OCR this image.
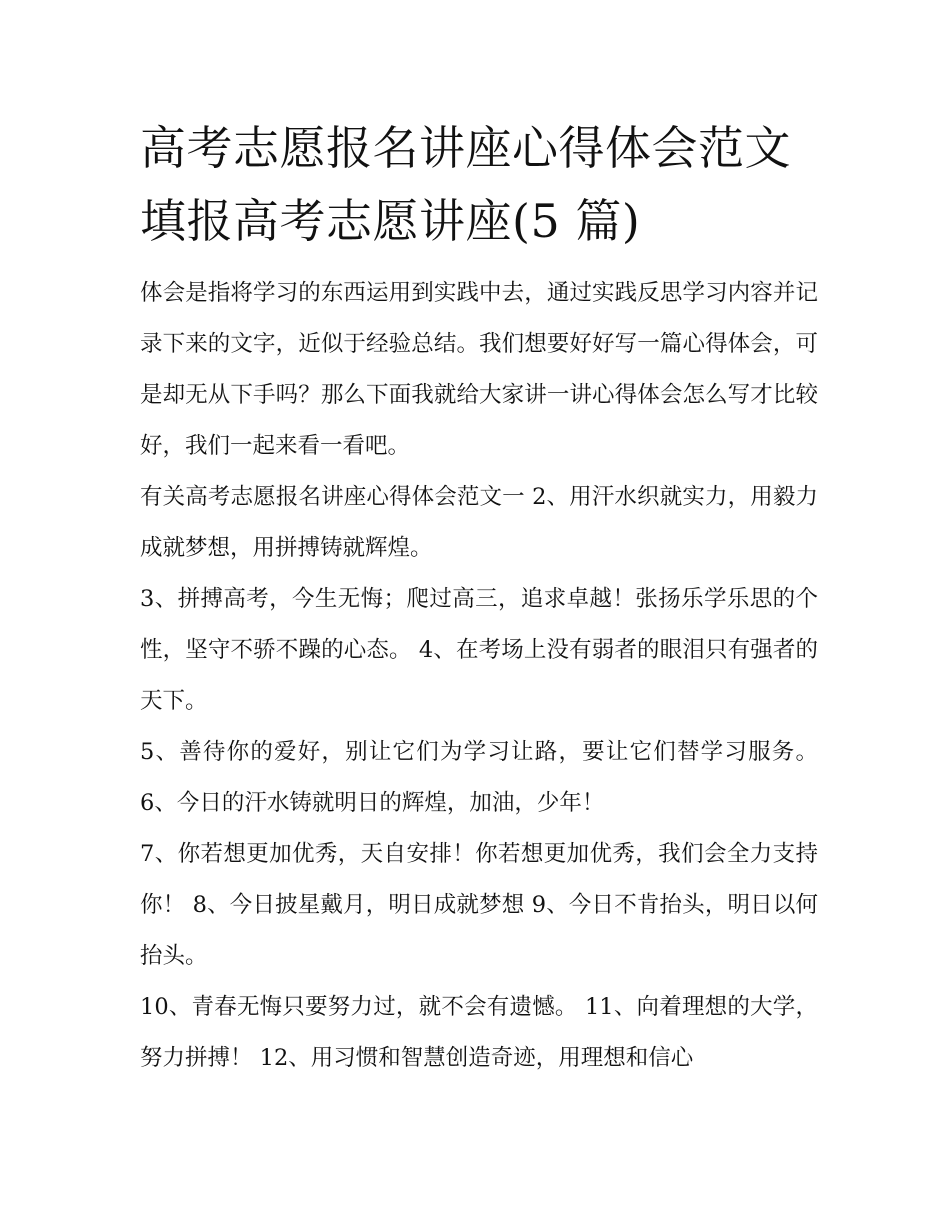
高考志愿报名讲座心得体会范文 填报高考志愿讲座(5 篇)

体会是指将学习的东西运用到实践中去，通过实践反思学习内容并记录下来的文字，近似于经验总结。我们想要好好写一篇心得体会，可是却无从下手吗？那么下面我就给大家讲一讲心得体会怎么写才比较好，我们一起来看一看吧。

有关高考志愿报名讲座心得体会范文一 2、用汗水织就实力，用毅力成就梦想，用拼搏铸就辉煌。

3、拼搏高考，今生无悔；爬过高三，追求卓越！张扬乐学乐思的个性，坚守不骄不躁的心态。 4、在考场上没有弱者的眼泪只有强者的天下。

5、善待你的爱好，别让它们为学习让路，要让它们替学习服务。 6、今日的汗水铸就明日的辉煌，加油，少年！

7、你若想更加优秀，天自安排！你若想更加优秀，我们会全力支持你！ 8、今日披星戴月，明日成就梦想 9、今日不肯抬头，明日以何抬头。

10、青春无悔只要努力过，就不会有遗憾。 11、向着理想的大学，努力拼搏！ 12、用习惯和智慧创造奇迹，用理想和信心
